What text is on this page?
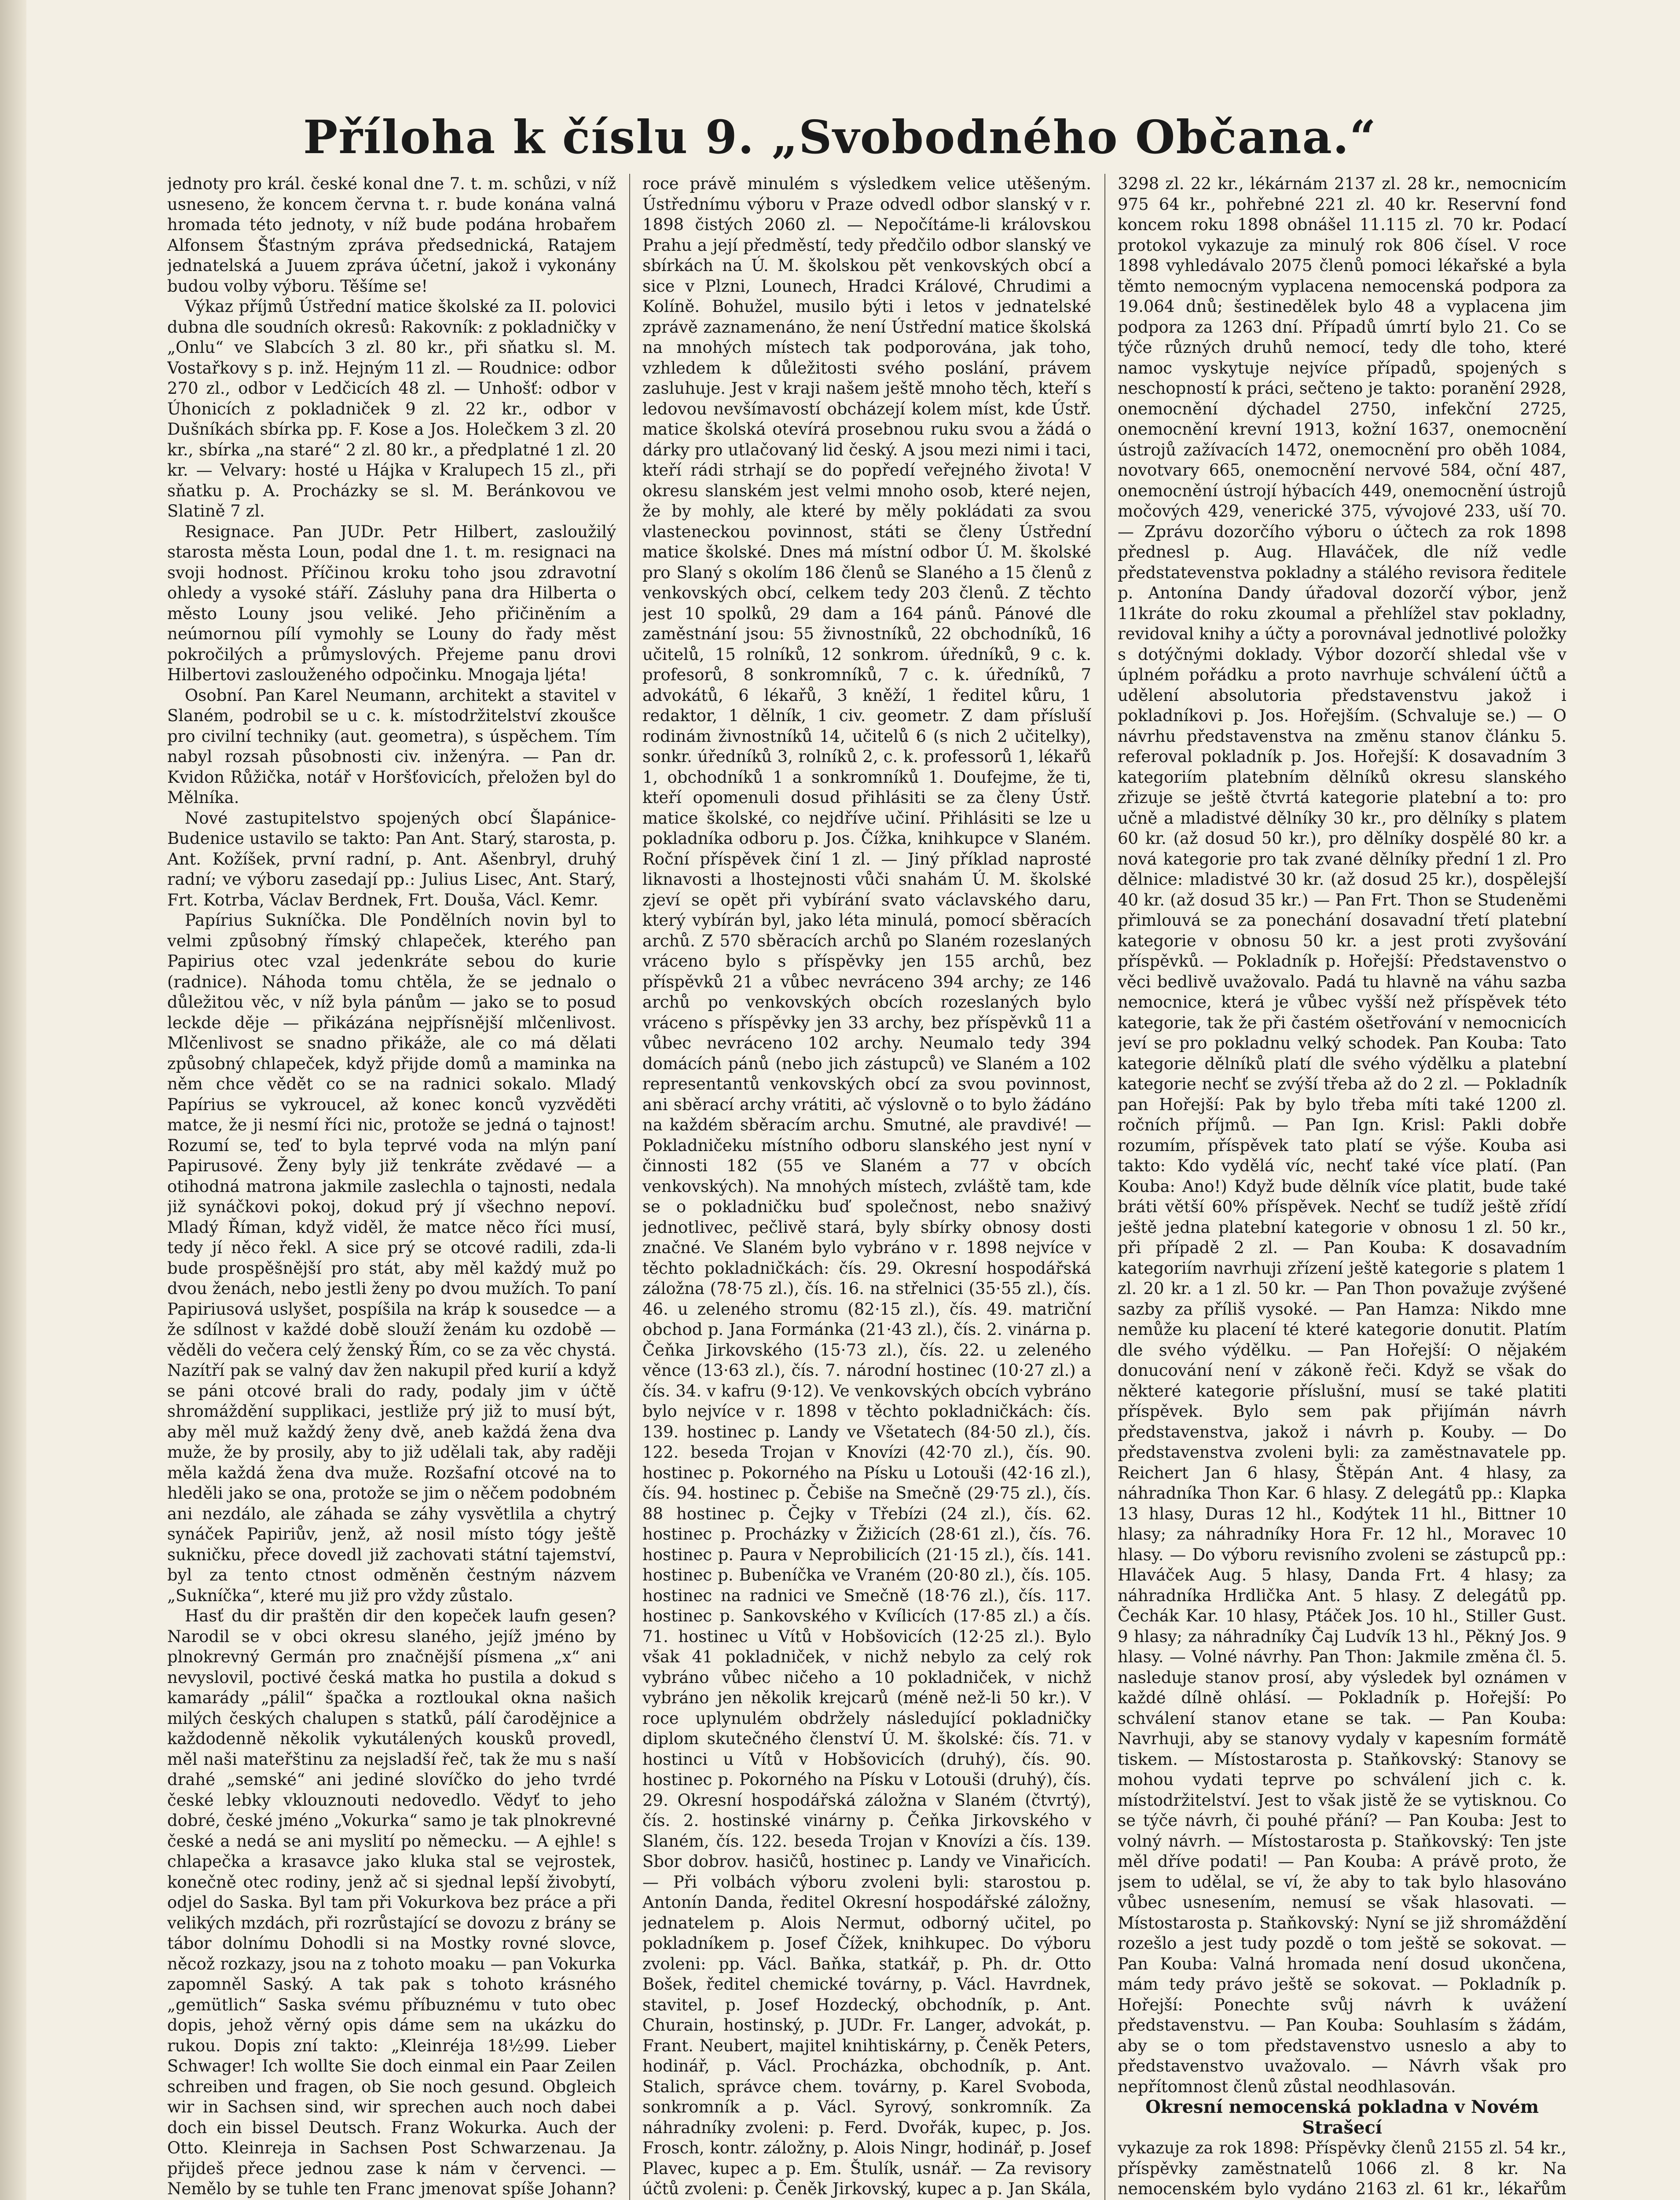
Příloha k číslu 9. „Svobodného Občana.“

jednoty pro král. české konal dne 7. t. m. schůzi, v níž usneseno, že koncem června t. r. bude konána valná hromada této jednoty, v níž bude podána hrobařem Alfonsem Šťastným zpráva předsednická, Ratajem jednatelská a Juuem zpráva účetní, jakož i vykonány budou volby výboru. Těšíme se!

Výkaz příjmů Ústřední matice školské za II. polovici dubna dle soudních okresů: Rakovník: z pokladničky v „Onlu“ ve Slabcích 3 zl. 80 kr., při sňatku sl. M. Vostařkovy s p. inž. Hejným 11 zl. — Roudnice: odbor 270 zl., odbor v Ledčicích 48 zl. — Unhošť: odbor v Úhonicích z pokladniček 9 zl. 22 kr., odbor v Dušníkách sbírka pp. F. Kose a Jos. Holečkem 3 zl. 20 kr., sbírka „na staré“ 2 zl. 80 kr., a předplatné 1 zl. 20 kr. — Velvary: hosté u Hájka v Kralupech 15 zl., při sňatku p. A. Procházky se sl. M. Beránkovou ve Slatině 7 zl.

Resignace. Pan JUDr. Petr Hilbert, zasloužilý starosta města Loun, podal dne 1. t. m. resignaci na svoji hodnost. Příčinou kroku toho jsou zdravotní ohledy a vysoké stáří. Zásluhy pana dra Hilberta o město Louny jsou veliké. Jeho přičiněním a neúmornou pílí vymohly se Louny do řady měst pokročilých a průmyslových. Přejeme panu drovi Hilbertovi zaslouženého odpočinku. Mnogaja ljéta!

Osobní. Pan Karel Neumann, architekt a stavitel v Slaném, podrobil se u c. k. místodržitelství zkoušce pro civilní techniky (aut. geometra), s úspěchem. Tím nabyl rozsah působnosti civ. inženýra. — Pan dr. Kvidon Růžička, notář v Horšťovicích, přeložen byl do Mělníka.

Nové zastupitelstvo spojených obcí Šlapánice-Budenice ustavilo se takto: Pan Ant. Starý, starosta, p. Ant. Kožíšek, první radní, p. Ant. Ašenbryl, druhý radní; ve výboru zasedají pp.: Julius Lisec, Ant. Starý, Frt. Kotrba, Václav Berdnek, Frt. Douša, Václ. Kemr.

Papírius Sukníčka. Dle Pondělních novin byl to velmi způsobný římský chlapeček, kterého pan Papirius otec vzal jedenkráte sebou do kurie (radnice). Náhoda tomu chtěla, že se jednalo o důležitou věc, v níž byla pánům — jako se to posud leckde děje — přikázána nejpřísnější mlčenlivost. Mlčenlivost se snadno přikáže, ale co má dělati způsobný chlapeček, když přijde domů a maminka na něm chce vědět co se na radnici sokalo. Mladý Papírius se vykroucel, až konec konců vyzvěděti matce, že ji nesmí říci nic, protože se jedná o tajnost! Rozumí se, teď to byla teprvé voda na mlýn paní Papirusové. Ženy byly již tenkráte zvědavé — a otihodná matrona jakmile zaslechla o tajnosti, nedala již synáčkovi pokoj, dokud prý jí všechno nepoví. Mladý Říman, když viděl, že matce něco říci musí, tedy jí něco řekl. A sice prý se otcové radili, zda-li bude prospěšnější pro stát, aby měl každý muž po dvou ženách, nebo jestli ženy po dvou mužích. To paní Papiriusová uslyšet, pospíšila na kráp k sousedce — a že sdílnost v každé době slouží ženám ku ozdobě — věděli do večera celý ženský Řím, co se za věc chystá. Nazítří pak se valný dav žen nakupil před kurií a když se páni otcové brali do rady, podaly jim v účtě shromáždění supplikaci, jestliže prý již to musí být, aby měl muž každý ženy dvě, aneb každá žena dva muže, že by prosily, aby to již udělali tak, aby raději měla každá žena dva muže. Rozšafní otcové na to hleděli jako se ona, protože se jim o něčem podobném ani nezdálo, ale záhada se záhy vysvětlila a chytrý synáček Papiriův, jenž, až nosil místo tógy ještě sukničku, přece dovedl již zachovati státní tajemství, byl za tento ctnost odměněn čestným názvem „Sukníčka“, které mu již pro vždy zůstalo.

Hasť du dir praštěn dir den kopeček laufn gesen? Narodil se v obci okresu slaného, jejíž jméno by plnokrevný Germán pro značnější písmena „x“ ani nevyslovil, poctivé česká matka ho pustila a dokud s kamarády „pálil“ špačka a roztloukal okna našich milých českých chalupen s statků, pálí čarodějnice a každodenně několik vykutálených kousků provedl, měl naši mateřštinu za nejsladší řeč, tak že mu s naší drahé „semské“ ani jediné slovíčko do jeho tvrdé české lebky vklouznouti nedovedlo. Vědyť to jeho dobré, české jméno „Vokurka“ samo je tak plnokrevné české a nedá se ani myslití po německu. — A ejhle! s chlapečka a krasavce jako kluka stal se vejrostek, konečně otec rodiny, jenž ač si sjednal lepší živobytí, odjel do Saska. Byl tam při Vokurkova bez práce a při velikých mzdách, při rozrůstající se dovozu z brány se tábor dolnímu Dohodli si na Mostky rovné slovce, něcož rozkazy, jsou na z tohoto moaku — pan Vokurka zapomněl Saský. A tak pak s tohoto krásného „gemütlich“ Saska svému příbuznému v tuto obec dopis, jehož věrný opis dáme sem na ukázku do rukou. Dopis zní takto: „Kleinréja 18½99. Lieber Schwager! Ich wollte Sie doch einmal ein Paar Zeilen schreiben und fragen, ob Sie noch gesund. Obgleich wir in Sachsen sind, wir sprechen auch noch dabei doch ein bissel Deutsch. Franz Wokurka. Auch der Otto. Kleinreja in Sachsen Post Schwarzenau. Ja přijdeš přece jednou zase k nám v červenci. — Nemělo by se tuhle ten Franc jmenovat spíše Johann?

roce právě minulém s výsledkem velice utěšeným. Ústřednímu výboru v Praze odvedl odbor slanský v r. 1898 čistých 2060 zl. — Nepočítáme-li královskou Prahu a její předměstí, tedy předčilo odbor slanský ve sbírkách na Ú. M. školskou pět venkovských obcí a sice v Plzni, Lounech, Hradci Králové, Chrudimi a Kolíně. Bohužel, musilo býti i letos v jednatelské zprávě zaznamenáno, že není Ústřední matice školská na mnohých místech tak podporována, jak toho, vzhledem k důležitosti svého poslání, právem zasluhuje. Jest v kraji našem ještě mnoho těch, kteří s ledovou nevšímavostí obcházejí kolem míst, kde Ústř. matice školská otevírá prosebnou ruku svou a žádá o dárky pro utlačovaný lid český. A jsou mezi nimi i taci, kteří rádi strhají se do popředí veřejného života! V okresu slanském jest velmi mnoho osob, které nejen, že by mohly, ale které by měly pokládati za svou vlasteneckou povinnost, státi se členy Ústřední matice školské. Dnes má místní odbor Ú. M. školské pro Slaný s okolím 186 členů se Slaného a 15 členů z venkovských obcí, celkem tedy 203 členů. Z těchto jest 10 spolků, 29 dam a 164 pánů. Pánové dle zaměstnání jsou: 55 živnostníků, 22 obchodníků, 16 učitelů, 15 rolníků, 12 sonkrom. úředníků, 9 c. k. profesorů, 8 sonkromníků, 7 c. k. úředníků, 7 advokátů, 6 lékařů, 3 kněží, 1 ředitel kůru, 1 redaktor, 1 dělník, 1 civ. geometr. Z dam přísluší rodinám živnostníků 14, učitelů 6 (s nich 2 učitelky), sonkr. úředníků 3, rolníků 2, c. k. professorů 1, lékařů 1, obchodníků 1 a sonkromníků 1. Doufejme, že ti, kteří opomenuli dosud přihlásiti se za členy Ústř. matice školské, co nejdříve učiní. Přihlásiti se lze u pokladníka odboru p. Jos. Čížka, knihkupce v Slaném. Roční příspěvek činí 1 zl. — Jiný příklad naprosté liknavosti a lhostejnosti vůči snahám Ú. M. školské zjeví se opět při vybírání svato václavského daru, který vybírán byl, jako léta minulá, pomocí sběracích archů. Z 570 sběracích archů po Slaném rozeslaných vráceno bylo s příspěvky jen 155 archů, bez příspěvků 21 a vůbec nevráceno 394 archy; ze 146 archů po venkovských obcích rozeslaných bylo vráceno s příspěvky jen 33 archy, bez příspěvků 11 a vůbec nevráceno 102 archy. Neumalo tedy 394 domácích pánů (nebo jich zástupců) ve Slaném a 102 representantů venkovských obcí za svou povinnost, ani sběrací archy vrátiti, ač výslovně o to bylo žádáno na každém sběracím archu. Smutné, ale pravdivé! — Pokladničeku místního odboru slanského jest nyní v činnosti 182 (55 ve Slaném a 77 v obcích venkovských). Na mnohých místech, zvláště tam, kde se o pokladničku buď společnost, nebo snaživý jednotlivec, pečlivě stará, byly sbírky obnosy dosti značné. Ve Slaném bylo vybráno v r. 1898 nejvíce v těchto pokladničkách: čís. 29. Okresní hospodářská záložna (78·75 zl.), čís. 16. na střelnici (35·55 zl.), čís. 46. u zeleného stromu (82·15 zl.), čís. 49. matriční obchod p. Jana Formánka (21·43 zl.), čís. 2. vinárna p. Čeňka Jirkovského (15·73 zl.), čís. 22. u zeleného věnce (13·63 zl.), čís. 7. národní hostinec (10·27 zl.) a čís. 34. v kafru (9·12). Ve venkovských obcích vybráno bylo nejvíce v r. 1898 v těchto pokladničkách: čís. 139. hostinec p. Landy ve Všetatech (84·50 zl.), čís. 122. beseda Trojan v Knovízi (42·70 zl.), čís. 90. hostinec p. Pokorného na Písku u Lotouši (42·16 zl.), čís. 94. hostinec p. Čebiše na Smečně (29·75 zl.), čís. 88 hostinec p. Čejky v Třebízi (24 zl.), čís. 62. hostinec p. Procházky v Žižicích (28·61 zl.), čís. 76. hostinec p. Paura v Neprobilicích (21·15 zl.), čís. 141. hostinec p. Bubeníčka ve Vraném (20·80 zl.), čís. 105. hostinec na radnici ve Smečně (18·76 zl.), čís. 117. hostinec p. Sankovského v Kvílicích (17·85 zl.) a čís. 71. hostinec u Vítů v Hobšovicích (12·25 zl.). Bylo však 41 pokladniček, v nichž nebylo za celý rok vybráno vůbec ničeho a 10 pokladniček, v nichž vybráno jen několik krejcarů (méně než-li 50 kr.). V roce uplynulém obdržely následující pokladničky diplom skutečného členství Ú. M. školské: čís. 71. v hostinci u Vítů v Hobšovicích (druhý), čís. 90. hostinec p. Pokorného na Písku v Lotouši (druhý), čís. 29. Okresní hospodářská záložna v Slaném (čtvrtý), čís. 2. hostinské vinárny p. Čeňka Jirkovského v Slaném, čís. 122. beseda Trojan v Knovízi a čís. 139. Sbor dobrov. hasičů, hostinec p. Landy ve Vinařicích. — Při volbách výboru zvoleni byli: starostou p. Antonín Danda, ředitel Okresní hospodářské záložny, jednatelem p. Alois Nermut, odborný učitel, po pokladníkem p. Josef Čížek, knihkupec. Do výboru zvoleni: pp. Václ. Baňka, statkář, p. Ph. dr. Otto Bošek, ředitel chemické továrny, p. Václ. Havrdnek, stavitel, p. Josef Hozdecký, obchodník, p. Ant. Churain, hostinský, p. JUDr. Fr. Langer, advokát, p. Frant. Neubert, majitel knihtiskárny, p. Čeněk Peters, hodinář, p. Václ. Procházka, obchodník, p. Ant. Stalich, správce chem. továrny, p. Karel Svoboda, sonkromník a p. Václ. Syrový, sonkromník. Za náhradníky zvoleni: p. Ferd. Dvořák, kupec, p. Jos. Frosch, kontr. záložny, p. Alois Ningr, hodinář, p. Josef Plavec, kupec a p. Em. Štulík, usnář. — Za revisory účtů zvoleni: p. Čeněk Jirkovský, kupec a p. Jan Skála,

3298 zl. 22 kr., lékárnám 2137 zl. 28 kr., nemocnicím 975 64 kr., pohřebné 221 zl. 40 kr. Reservní fond koncem roku 1898 obnášel 11.115 zl. 70 kr. Podací protokol vykazuje za minulý rok 806 čísel. V roce 1898 vyhledávalo 2075 členů pomoci lékařské a byla těmto nemocným vyplacena nemocenská podpora za 19.064 dnů; šestinedělek bylo 48 a vyplacena jim podpora za 1263 dní. Případů úmrtí bylo 21. Co se týče různých druhů nemocí, tedy dle toho, které namoc vyskytuje nejvíce případů, spojených s neschopností k práci, sečteno je takto: poranění 2928, onemocnění dýchadel 2750, infekční 2725, onemocnění krevní 1913, kožní 1637, onemocnění ústrojů zažívacích 1472, onemocnění pro oběh 1084, novotvary 665, onemocnění nervové 584, oční 487, onemocnění ústrojí hýbacích 449, onemocnění ústrojů močových 429, venerické 375, vývojové 233, uší 70. — Zprávu dozorčího výboru o účtech za rok 1898 přednesl p. Aug. Hlaváček, dle níž vedle předstatevenstva pokladny a stálého revisora ředitele p. Antonína Dandy úřadoval dozorčí výbor, jenž 11kráte do roku zkoumal a přehlížel stav pokladny, revidoval knihy a účty a porovnával jednotlivé položky s dotýčnými doklady. Výbor dozorčí shledal vše v úplném pořádku a proto navrhuje schválení účtů a udělení absolutoria představenstvu jakož i pokladníkovi p. Jos. Hořejším. (Schvaluje se.) — O návrhu představenstva na změnu stanov článku 5. referoval pokladník p. Jos. Hořejší: K dosavadním 3 kategoriím platebním dělníků okresu slanského zřizuje se ještě čtvrtá kategorie platební a to: pro učně a mladistvé dělníky 30 kr., pro dělníky s platem 60 kr. (až dosud 50 kr.), pro dělníky dospělé 80 kr. a nová kategorie pro tak zvané dělníky přední 1 zl. Pro dělnice: mladistvé 30 kr. (až dosud 25 kr.), dospělejší 40 kr. (až dosud 35 kr.) — Pan Frt. Thon se Studeněmi přimlouvá se za ponechání dosavadní třetí platební kategorie v obnosu 50 kr. a jest proti zvyšování příspěvků. — Pokladník p. Hořejší: Představenstvo o věci bedlivě uvažovalo. Padá tu hlavně na váhu sazba nemocnice, která je vůbec vyšší než příspěvek této kategorie, tak že při častém ošetřování v nemocnicích jeví se pro pokladnu velký schodek. Pan Kouba: Tato kategorie dělníků platí dle svého výdělku a platební kategorie nechť se zvýší třeba až do 2 zl. — Pokladník pan Hořejší: Pak by bylo třeba míti také 1200 zl. ročních příjmů. — Pan Ign. Krisl: Pakli dobře rozumím, příspěvek tato platí se výše. Kouba asi takto: Kdo vydělá víc, nechť také více platí. (Pan Kouba: Ano!) Když bude dělník více platit, bude také bráti větší 60% příspěvek. Nechť se tudíž ještě zřídí ještě jedna platební kategorie v obnosu 1 zl. 50 kr., při případě 2 zl. — Pan Kouba: K dosavadním kategoriím navrhuji zřízení ještě kategorie s platem 1 zl. 20 kr. a 1 zl. 50 kr. — Pan Thon považuje zvýšené sazby za příliš vysoké. — Pan Hamza: Nikdo mne nemůže ku placení té které kategorie donutit. Platím dle svého výdělku. — Pan Hořejší: O nějakém donucování není v zákoně řeči. Když se však do některé kategorie příslušní, musí se také platiti příspěvek. Bylo sem pak přijímán návrh představenstva, jakož i návrh p. Kouby. — Do představenstva zvoleni byli: za zaměstnavatele pp. Reichert Jan 6 hlasy, Štěpán Ant. 4 hlasy, za náhradníka Thon Kar. 6 hlasy. Z delegátů pp.: Klapka 13 hlasy, Duras 12 hl., Kodýtek 11 hl., Bittner 10 hlasy; za náhradníky Hora Fr. 12 hl., Moravec 10 hlasy. — Do výboru revisního zvoleni se zástupců pp.: Hlaváček Aug. 5 hlasy, Danda Frt. 4 hlasy; za náhradníka Hrdlička Ant. 5 hlasy. Z delegátů pp. Čechák Kar. 10 hlasy, Ptáček Jos. 10 hl., Stiller Gust. 9 hlasy; za náhradníky Čaj Ludvík 13 hl., Pěkný Jos. 9 hlasy. — Volné návrhy. Pan Thon: Jakmile změna čl. 5. nasleduje stanov prosí, aby výsledek byl oznámen v každé dílně ohlásí. — Pokladník p. Hořejší: Po schválení stanov etane se tak. — Pan Kouba: Navrhuji, aby se stanovy vydaly v kapesním formátě tiskem. — Místostarosta p. Staňkovský: Stanovy se mohou vydati teprve po schválení jich c. k. místodržitelství. Jest to však jistě že se vytisknou. Co se týče návrh, či pouhé přání? — Pan Kouba: Jest to volný návrh. — Místostarosta p. Staňkovský: Ten jste měl dříve podati! — Pan Kouba: A právě proto, že jsem to udělal, se ví, že aby to tak bylo hlasováno vůbec usnesením, nemusí se však hlasovati. — Místostarosta p. Staňkovský: Nyní se již shromáždění rozešlo a jest tudy pozdě o tom ještě se sokovat. — Pan Kouba: Valná hromada není dosud ukončena, mám tedy právo ještě se sokovat. — Pokladník p. Hořejší: Ponechte svůj návrh k uvážení představenstvu. — Pan Kouba: Souhlasím s žádám, aby se o tom představenstvo usneslo a aby to představenstvo uvažovalo. — Návrh však pro nepřítomnost členů zůstal neodhlasován.

Okresní nemocenská pokladna v Novém Strašecí

vykazuje za rok 1898: Příspěvky členů 2155 zl. 54 kr., příspěvky zaměstnatelů 1066 zl. 8 kr. Na nemocenském bylo vydáno 2163 zl. 61 kr., lékařům
